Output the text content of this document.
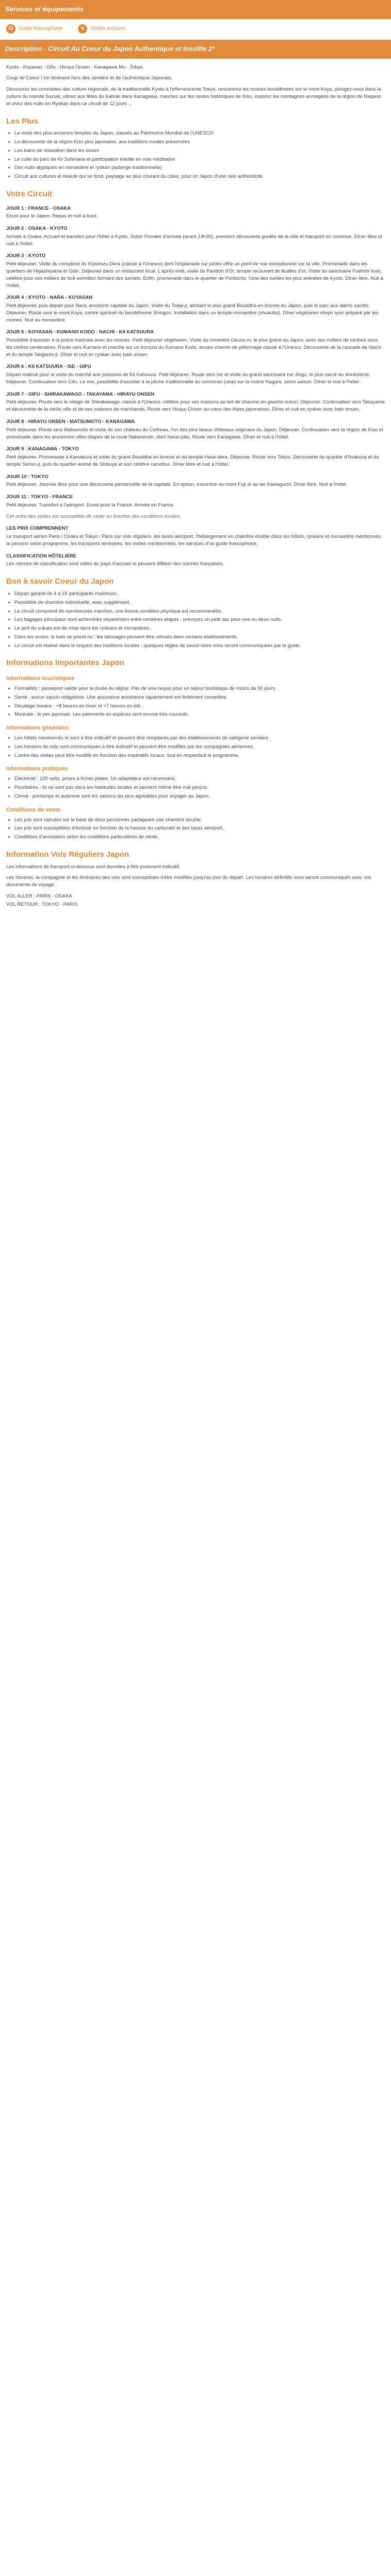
Services et équipements
G	Guide francophone	V	Visites incluses
Description - Circuit Au Coeur du Japon Authentique et Insolite 2*

Kyoto - Koyasan - Gifu - Hiroya Onsen - Kanagawa Mu - Tokyo

Coup de Coeur ! Un itinéraire hors des sentiers et de l'authentique Japonais.

Découvrez les contrastes des culture régionale, de la traditionnelle Kyoto à l'effervescente Tokyo, rencontrez les moines bouddhistes sur le mont Koya, plongez-vous dans la culture du monde Suzuki, vibrez aux fêtes du Kabuki dans Kanagawa, marchez sur les routes historiques de Kiso, inspirez les montagnes enneigées de la région de Nagano et vivez des nuits en Ryokan dans ce circuit de 12 jours ...

Les Plus
• Le visite des plus ancienns temples du Japon, classés au Patrimoine Mondial de l'UNESCO
• La découverte de la région Kiso plus japonaise, aux traditions rurales préservées
• Les bains de relaxation dans les onsen
• Le culte du parc de Kii Sohmana et participation inédite en voie méditative
• Des nuits atypiques en monastère et ryokan (auberge traditionnelle)
• Circuit aux cultures et beauté qui se fond, paysage au plus courant du cœur, pour un Japon d'une rare authenticité
Votre Circuit
JOUR 1 : FRANCE - OSAKA

Envol pour le Japon. Repas et nuit à bord.

JOUR 2 : OSAKA - KYOTO

Arrivée à Osaka. Accueil et transfert pour l'hôtel à Kyoto. Selon l'horaire d'arrivée (avant 14h30), premiers découverte guidée de la ville et transport en commun. Dîner libre et nuit à l'hôtel.

JOUR 3 : KYOTO

Petit déjeuner. Visite du complexe du Kiyomizu-Dera (classé à l'Unesco) dont l'esplanade sur pilotis offre un point de vue exceptionnel sur la ville. Promenade dans les quartiers de Higashiyama et Gion. Déjeuner dans un restaurant local. L'après-midi, visite du Pavillon d'Or, temple recouvert de feuilles d'or. Visite du sanctuaire Fushimi Inari, célèbre pour ses milliers de torii vermillon formant des tunnels. Enfin, promenade dans le quartier de Pontocho, l'une des ruelles les plus animées de Kyoto. Dîner libre. Nuit à l'hôtel.

JOUR 4 : KYOTO - NARA - KOYASAN

Petit déjeuner, puis départ pour Nara, ancienne capitale du Japon. Visite du Todai-ji, abritant le plus grand Bouddha en bronze du Japon, puis le parc aux daims sacrés. Déjeuner. Route vers le mont Koya, centre spirituel du bouddhisme Shingon. Installation dans un temple-monastère (shukubo). Dîner végétarien shojin ryori préparé par les moines. Nuit au monastère.

JOUR 5 : KOYASAN - KUMANO KODO - NACHI - KII KATSUURA

Possibilité d'assister à la prière matinale avec les moines. Petit déjeuner végétarien. Visite du cimetière Okuno-in, le plus grand du Japon, avec ses milliers de tombes sous les cèdres centenaires. Route vers Kumano et marche sur un tronçon du Kumano Kodo, ancien chemin de pèlerinage classé à l'Unesco. Découverte de la cascade de Nachi et du temple Seiganto-ji. Dîner et nuit en ryokan avec bain onsen.

JOUR 6 : KII KATSUURA - ISE - GIFU

Départ matinal pour la visite du marché aux poissons de Kii Katsuura. Petit déjeuner. Route vers Ise et visite du grand sanctuaire Ise Jingu, le plus sacré du shintoïsme. Déjeuner. Continuation vers Gifu. Le soir, possibilité d'assister à la pêche traditionnelle au cormoran (ukai) sur la rivière Nagara, selon saison. Dîner et nuit à l'hôtel.

JOUR 7 : GIFU - SHIRAKAWAGO - TAKAYAMA - HIRAYU ONSEN

Petit déjeuner. Route vers le village de Shirakawago, classé à l'Unesco, célèbre pour ses maisons au toit de chaume en gassho-zukuri. Déjeuner. Continuation vers Takayama et découverte de la vieille ville et de ses maisons de marchands. Route vers Hirayu Onsen au cœur des Alpes japonaises. Dîner et nuit en ryokan avec bain onsen.

JOUR 8 : HIRAYU ONSEN - MATSUMOTO - KANAGAWA

Petit déjeuner. Route vers Matsumoto et visite de son château du Corbeau, l'un des plus beaux châteaux originaux du Japon. Déjeuner. Continuation vers la région de Kiso et promenade dans les anciennes villes-étapes de la route Nakasendo, dont Narai-juku. Route vers Kanagawa. Dîner et nuit à l'hôtel.

JOUR 9 : KANAGAWA - TOKYO

Petit déjeuner. Promenade à Kamakura et visite du grand Bouddha en bronze et du temple Hase-dera. Déjeuner. Route vers Tokyo. Découverte du quartier d'Asakusa et du temple Senso-ji, puis du quartier animé de Shibuya et son célèbre carrefour. Dîner libre et nuit à l'hôtel.

JOUR 10 : TOKYO

Petit déjeuner. Journée libre pour une découverte personnelle de la capitale. En option, excursion au mont Fuji et au lac Kawaguchi. Dîner libre. Nuit à l'hôtel.

JOUR 11 : TOKYO - FRANCE

Petit déjeuner. Transfert à l'aéroport. Envol pour la France. Arrivée en France.

Cet ordre des visites est susceptible de varier en fonction des conditions locales.

LES PRIX COMPRENNENT

Le transport aérien Paris / Osaka et Tokyo / Paris sur vols réguliers, les taxes aéroport, l'hébergement en chambre double dans les hôtels, ryokans et monastère mentionnés, la pension selon programme, les transports terrestres, les visites mentionnées, les services d'un guide francophone.

CLASSIFICATION HÔTELIÈRE

Les normes de classification sont celles du pays d'accueil et peuvent différer des normes françaises.

Bon à savoir Coeur du Japon
• Départ garanti de 4 à 18 participants maximum.
• Possibilité de chambre individuelle, avec supplément.
• Le circuit comprend de nombreuses marches, une bonne condition physique est recommandée.
• Les bagages principaux sont acheminés séparément entre certaines étapes : prévoyez un petit sac pour une ou deux nuits.
• Le port du yukata est de mise dans les ryokans et monastères.
• Dans les onsen, le bain se prend nu ; les tatouages peuvent être refusés dans certains établissements.
• Le circuit est réalisé dans le respect des traditions locales : quelques règles de savoir-vivre vous seront communiquées par le guide.
Informations Importantes Japon
Informations touristiques
• Formalités : passeport valide pour la durée du séjour. Pas de visa requis pour un séjour touristique de moins de 90 jours.
• Santé : aucun vaccin obligatoire. Une assurance assistance rapatriement est fortement conseillée.
• Décalage horaire : +8 heures en hiver et +7 heures en été.
• Monnaie : le yen japonais. Les paiements en espèces sont encore très courants.
Informations générales
• Les hôtels mentionnés le sont à titre indicatif et peuvent être remplacés par des établissements de catégorie similaire.
• Les horaires de vols sont communiqués à titre indicatif et peuvent être modifiés par les compagnies aériennes.
• L'ordre des visites peut être modifié en fonction des impératifs locaux, tout en respectant le programme.
Informations pratiques
• Électricité : 100 volts, prises à fiches plates. Un adaptateur est nécessaire.
• Pourboires : ils ne sont pas dans les habitudes locales et peuvent même être mal perçus.
• Climat : printemps et automne sont les saisons les plus agréables pour voyager au Japon.
Conditions de vente
• Les prix sont calculés sur la base de deux personnes partageant une chambre double.
• Les prix sont susceptibles d'évoluer en fonction de la hausse du carburant et des taxes aéroport.
• Conditions d'annulation selon les conditions particulières de vente.
Information Vols Réguliers Japon

Les informations de transport ci-dessous sont données à titre purement indicatif.

Les horaires, la compagnie et les itinéraires des vols sont susceptibles d'être modifiés jusqu'au jour du départ. Les horaires définitifs vous seront communiqués avec vos documents de voyage.

VOL ALLER : PARIS - OSAKA
VOL RETOUR : TOKYO - PARIS
